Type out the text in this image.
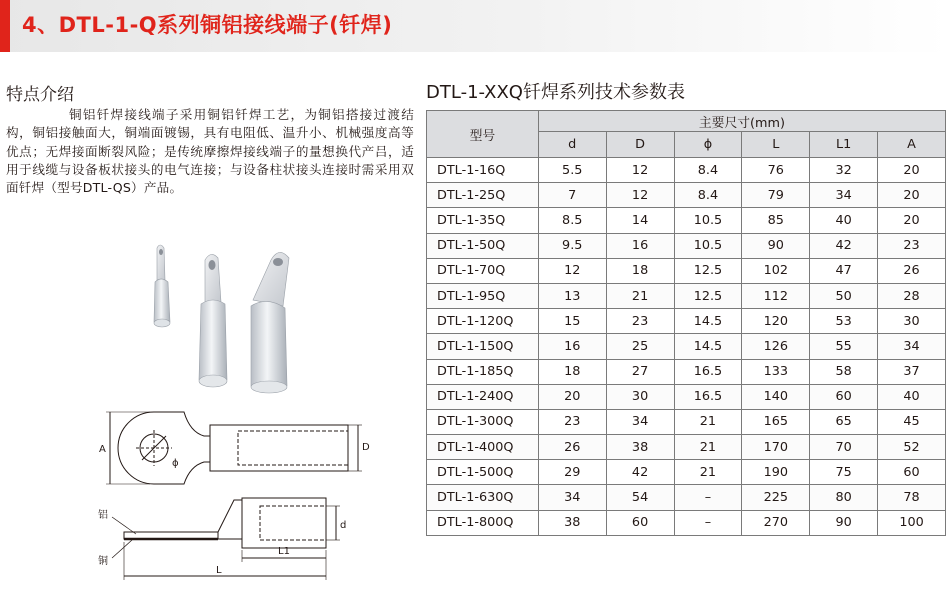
4、DTL-1-Q系列铜铝接线端子(钎焊)
特点介绍
铜铝钎焊接线端子采用铜铝钎焊工艺，为铜铝搭接过渡结构，铜铝接触面大，铜端面镀锡，具有电阻低、温升小、机械强度高等优点；无焊接面断裂风险；是传统摩擦焊接线端子的量想换代产吕，适用于线缆与设备板状接头的电气连接；与设备柱状接头连接时需采用双面钎焊（型号DTL-QS）产品。
A	D
ϕ
d
L1
L
铝
铜
DTL-1-XXQ钎焊系列技术参数表
型号	主要尺寸(mm)					
	d	D	ϕ	L	L1	A
DTL-1-16Q	5.5	12	8.4	76	32	20
DTL-1-25Q	7	12	8.4	79	34	20
DTL-1-35Q	8.5	14	10.5	85	40	20
DTL-1-50Q	9.5	16	10.5	90	42	23
DTL-1-70Q	12	18	12.5	102	47	26
DTL-1-95Q	13	21	12.5	112	50	28
DTL-1-120Q	15	23	14.5	120	53	30
DTL-1-150Q	16	25	14.5	126	55	34
DTL-1-185Q	18	27	16.5	133	58	37
DTL-1-240Q	20	30	16.5	140	60	40
DTL-1-300Q	23	34	21	165	65	45
DTL-1-400Q	26	38	21	170	70	52
DTL-1-500Q	29	42	21	190	75	60
DTL-1-630Q	34	54	–	225	80	78
DTL-1-800Q	38	60	–	270	90	100
